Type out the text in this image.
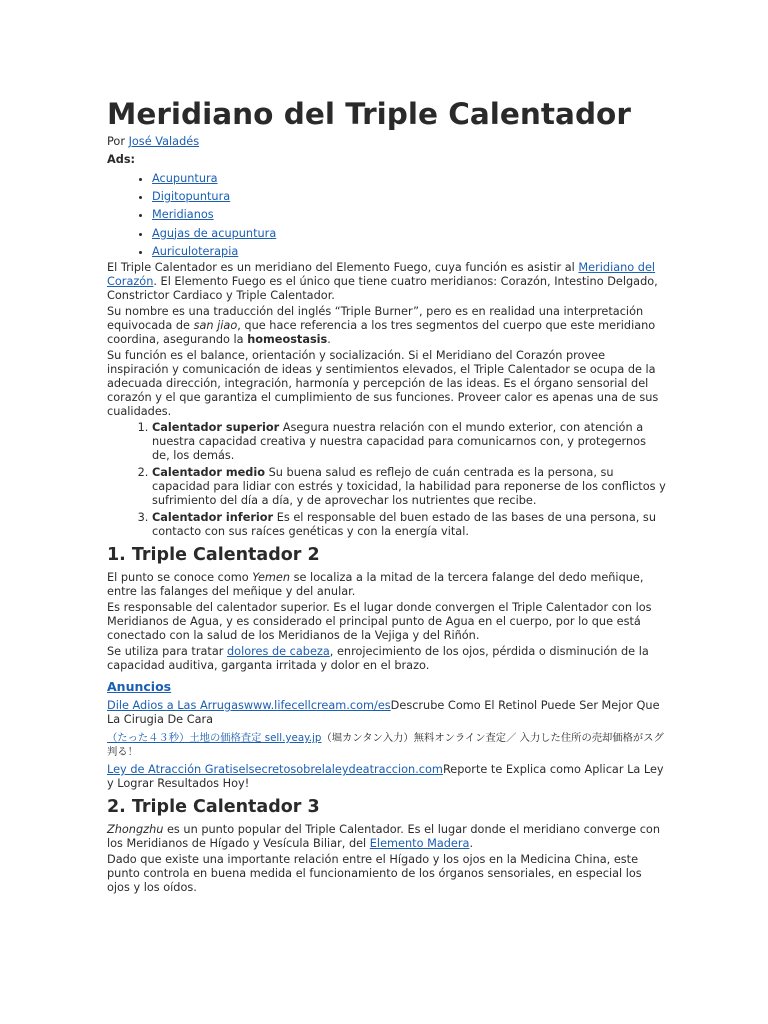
Meridiano del Triple Calentador
Por José Valadés
Ads:
• Acupuntura
• Digitopuntura
• Meridianos
• Agujas de acupuntura
• Auriculoterapia

El Triple Calentador es un meridiano del Elemento Fuego, cuya función es asistir al Meridiano del Corazón. El Elemento Fuego es el único que tiene cuatro meridianos: Corazón, Intestino Delgado, Constrictor Cardiaco y Triple Calentador.

Su nombre es una traducción del inglés “Triple Burner”, pero es en realidad una interpretación equivocada de san jiao, que hace referencia a los tres segmentos del cuerpo que este meridiano coordina, asegurando la homeostasis.

Su función es el balance, orientación y socialización. Si el Meridiano del Corazón provee inspiración y comunicación de ideas y sentimientos elevados, el Triple Calentador se ocupa de la adecuada dirección, integración, harmonía y percepción de las ideas. Es el órgano sensorial del corazón y el que garantiza el cumplimiento de sus funciones. Proveer calor es apenas una de sus cualidades.

1. Calentador superior Asegura nuestra relación con el mundo exterior, con atención a nuestra capacidad creativa y nuestra capacidad para comunicarnos con, y protegernos de, los demás.
2. Calentador medio Su buena salud es reflejo de cuán centrada es la persona, su capacidad para lidiar con estrés y toxicidad, la habilidad para reponerse de los conflictos y sufrimiento del día a día, y de aprovechar los nutrientes que recibe.
3. Calentador inferior Es el responsable del buen estado de las bases de una persona, su contacto con sus raíces genéticas y con la energía vital.
1. Triple Calentador 2

El punto se conoce como Yemen se localiza a la mitad de la tercera falange del dedo meñique, entre las falanges del meñique y del anular.

Es responsable del calentador superior. Es el lugar donde convergen el Triple Calentador con los Meridianos de Agua, y es considerado el principal punto de Agua en el cuerpo, por lo que está conectado con la salud de los Meridianos de la Vejiga y del Riñón.

Se utiliza para tratar dolores de cabeza, enrojecimiento de los ojos, pérdida o disminución de la capacidad auditiva, garganta irritada y dolor en el brazo.

Anuncios
Dile Adios a Las Arrugaswww.lifecellcream.com/esDescrube Como El Retinol Puede Ser Mejor Que La Cirugia De Cara
（たった４３秒）土地の価格査定 sell.yeay.jp（堀カンタン入力）無料オンライン査定／ 入力した住所の売却価格がスグ判る！
Ley de Atracción Gratiselsecretosobrelaleydeatraccion.comReporte te Explica como Aplicar La Ley y Lograr Resultados Hoy!
2. Triple Calentador 3

Zhongzhu es un punto popular del Triple Calentador. Es el lugar donde el meridiano converge con los Meridianos de Hígado y Vesícula Biliar, del Elemento Madera.

Dado que existe una importante relación entre el Hígado y los ojos en la Medicina China, este punto controla en buena medida el funcionamiento de los órganos sensoriales, en especial los ojos y los oídos.
